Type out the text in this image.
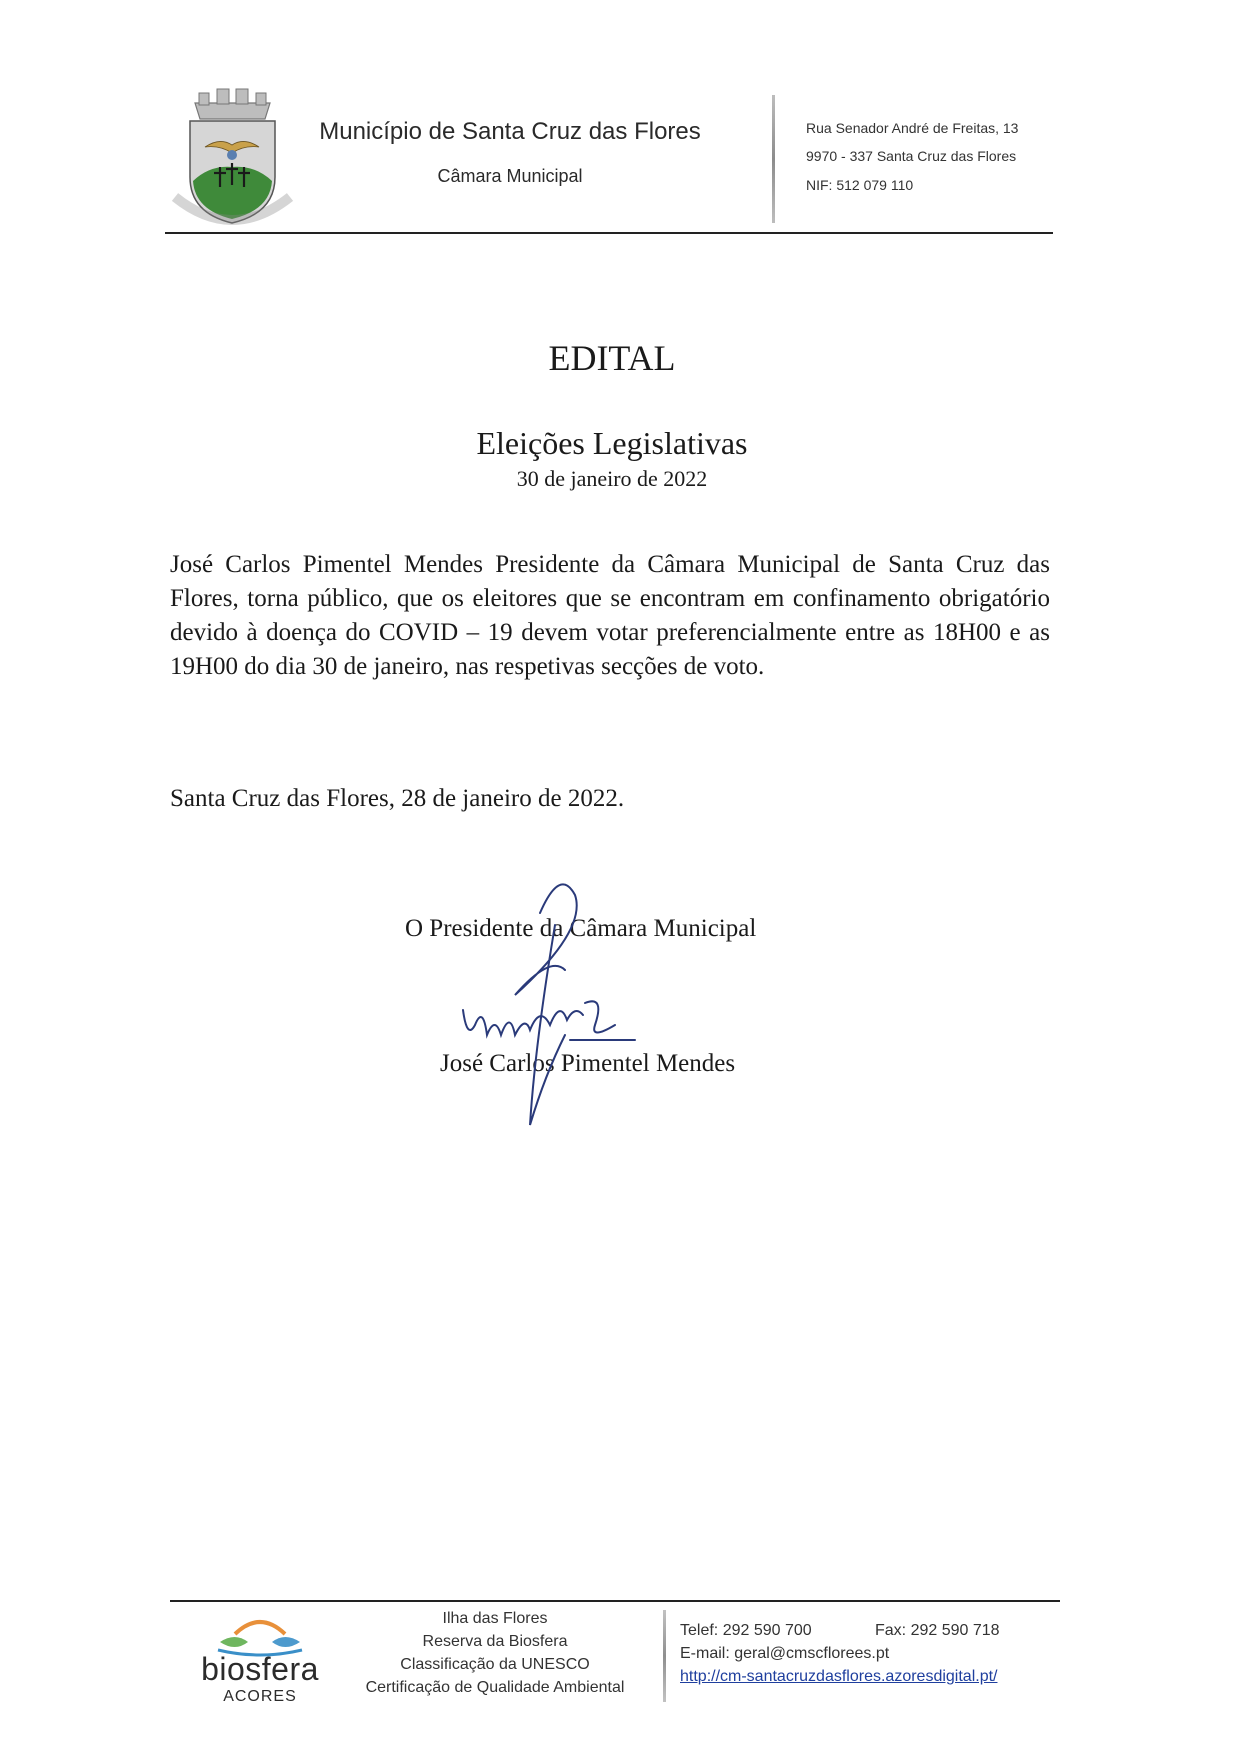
Município de Santa Cruz das Flores
Câmara Municipal
Rua Senador André de Freitas, 13
9970 - 337 Santa Cruz das Flores
NIF: 512 079 110
EDITAL
Eleições Legislativas
30 de janeiro de 2022
José Carlos Pimentel Mendes Presidente da Câmara Municipal de Santa Cruz das Flores, torna público, que os eleitores que se encontram em confinamento obrigatório devido à doença do COVID – 19 devem votar preferencialmente entre as 18H00 e as 19H00 do dia 30 de janeiro, nas respetivas secções de voto.
Santa Cruz das Flores, 28 de janeiro de 2022.
O Presidente da Câmara Municipal
José Carlos Pimentel Mendes
biosfera
ACORES
Ilha das Flores
Reserva da Biosfera
Classificação da UNESCO
Certificação de Qualidade Ambiental
Telef: 292 590 700	Fax: 292 590 718
E-mail: geral@cmscflorees.pt
http://cm-santacruzdasflores.azoresdigital.pt/
